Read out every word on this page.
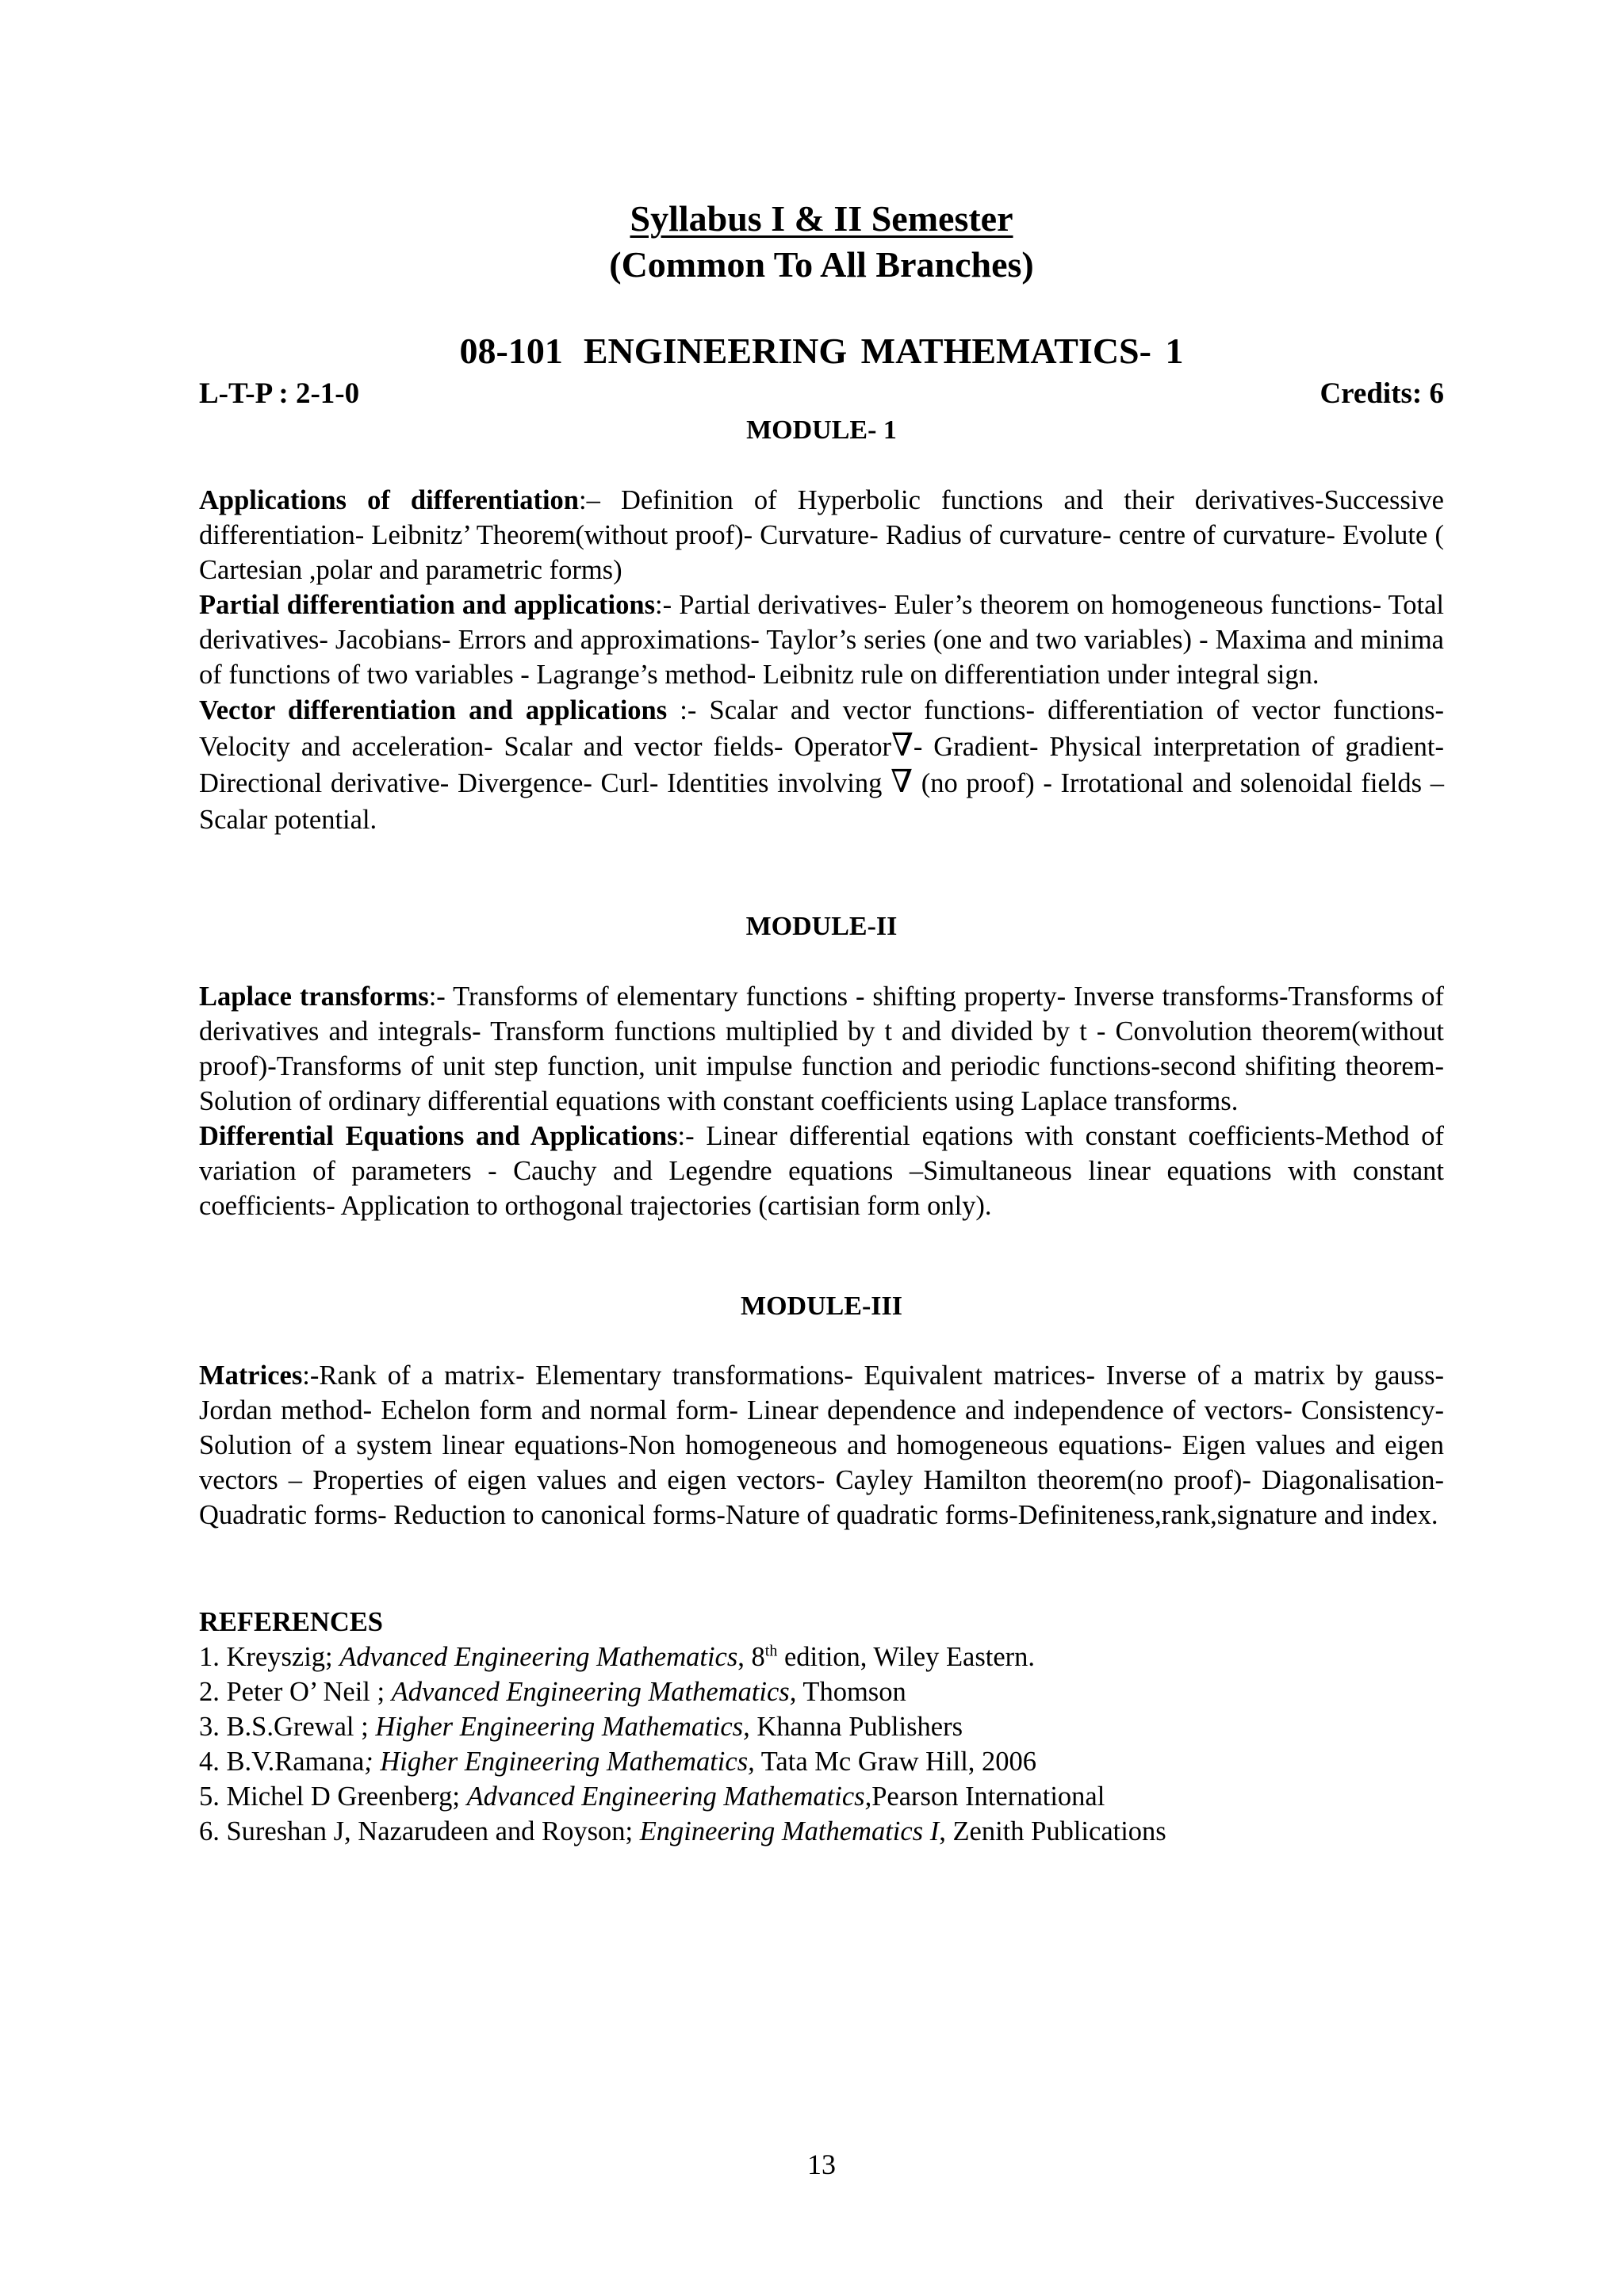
Syllabus I & II Semester
(Common To All Branches)
08-101 ENGINEERING MATHEMATICS- 1
L-T-P : 2-1-0	Credits: 6
MODULE- 1
Applications of differentiation:– Definition of Hyperbolic functions and their derivatives-Successive differentiation- Leibnitz’ Theorem(without proof)- Curvature- Radius of curvature- centre of curvature- Evolute ( Cartesian ,polar and parametric forms)
Partial differentiation and applications:- Partial derivatives- Euler’s theorem on homogeneous functions- Total derivatives- Jacobians- Errors and approximations- Taylor’s series (one and two variables) - Maxima and minima of functions of two variables - Lagrange’s method- Leibnitz rule on differentiation under integral sign.
Vector differentiation and applications :- Scalar and vector functions- differentiation of vector functions-Velocity and acceleration- Scalar and vector fields- Operator∇- Gradient- Physical interpretation of gradient- Directional derivative- Divergence- Curl- Identities involving ∇ (no proof) - Irrotational and solenoidal fields – Scalar potential.
MODULE-II
Laplace transforms:- Transforms of elementary functions - shifting property- Inverse transforms-Transforms of derivatives and integrals- Transform functions multiplied by t and divided by t - Convolution theorem(without proof)-Transforms of unit step function, unit impulse function and periodic functions-second shifiting theorem- Solution of ordinary differential equations with constant coefficients using Laplace transforms.
Differential Equations and Applications:- Linear differential eqations with constant coefficients-Method of variation of parameters - Cauchy and Legendre equations –Simultaneous linear equations with constant coefficients- Application to orthogonal trajectories (cartisian form only).
MODULE-III
Matrices:-Rank of a matrix- Elementary transformations- Equivalent matrices- Inverse of a matrix by gauss-Jordan method- Echelon form and normal form- Linear dependence and independence of vectors- Consistency- Solution of a system linear equations-Non homogeneous and homogeneous equations- Eigen values and eigen vectors – Properties of eigen values and eigen vectors- Cayley Hamilton theorem(no proof)- Diagonalisation- Quadratic forms- Reduction to canonical forms-Nature of quadratic forms-Definiteness,rank,signature and index.
REFERENCES
1. Kreyszig; Advanced Engineering Mathematics, 8th edition, Wiley Eastern.
2. Peter O’ Neil ; Advanced Engineering Mathematics, Thomson
3. B.S.Grewal ; Higher Engineering Mathematics, Khanna Publishers
4. B.V.Ramana; Higher Engineering Mathematics, Tata Mc Graw Hill, 2006
5. Michel D Greenberg; Advanced Engineering Mathematics,Pearson International
6. Sureshan J, Nazarudeen and Royson; Engineering Mathematics I, Zenith Publications
13
